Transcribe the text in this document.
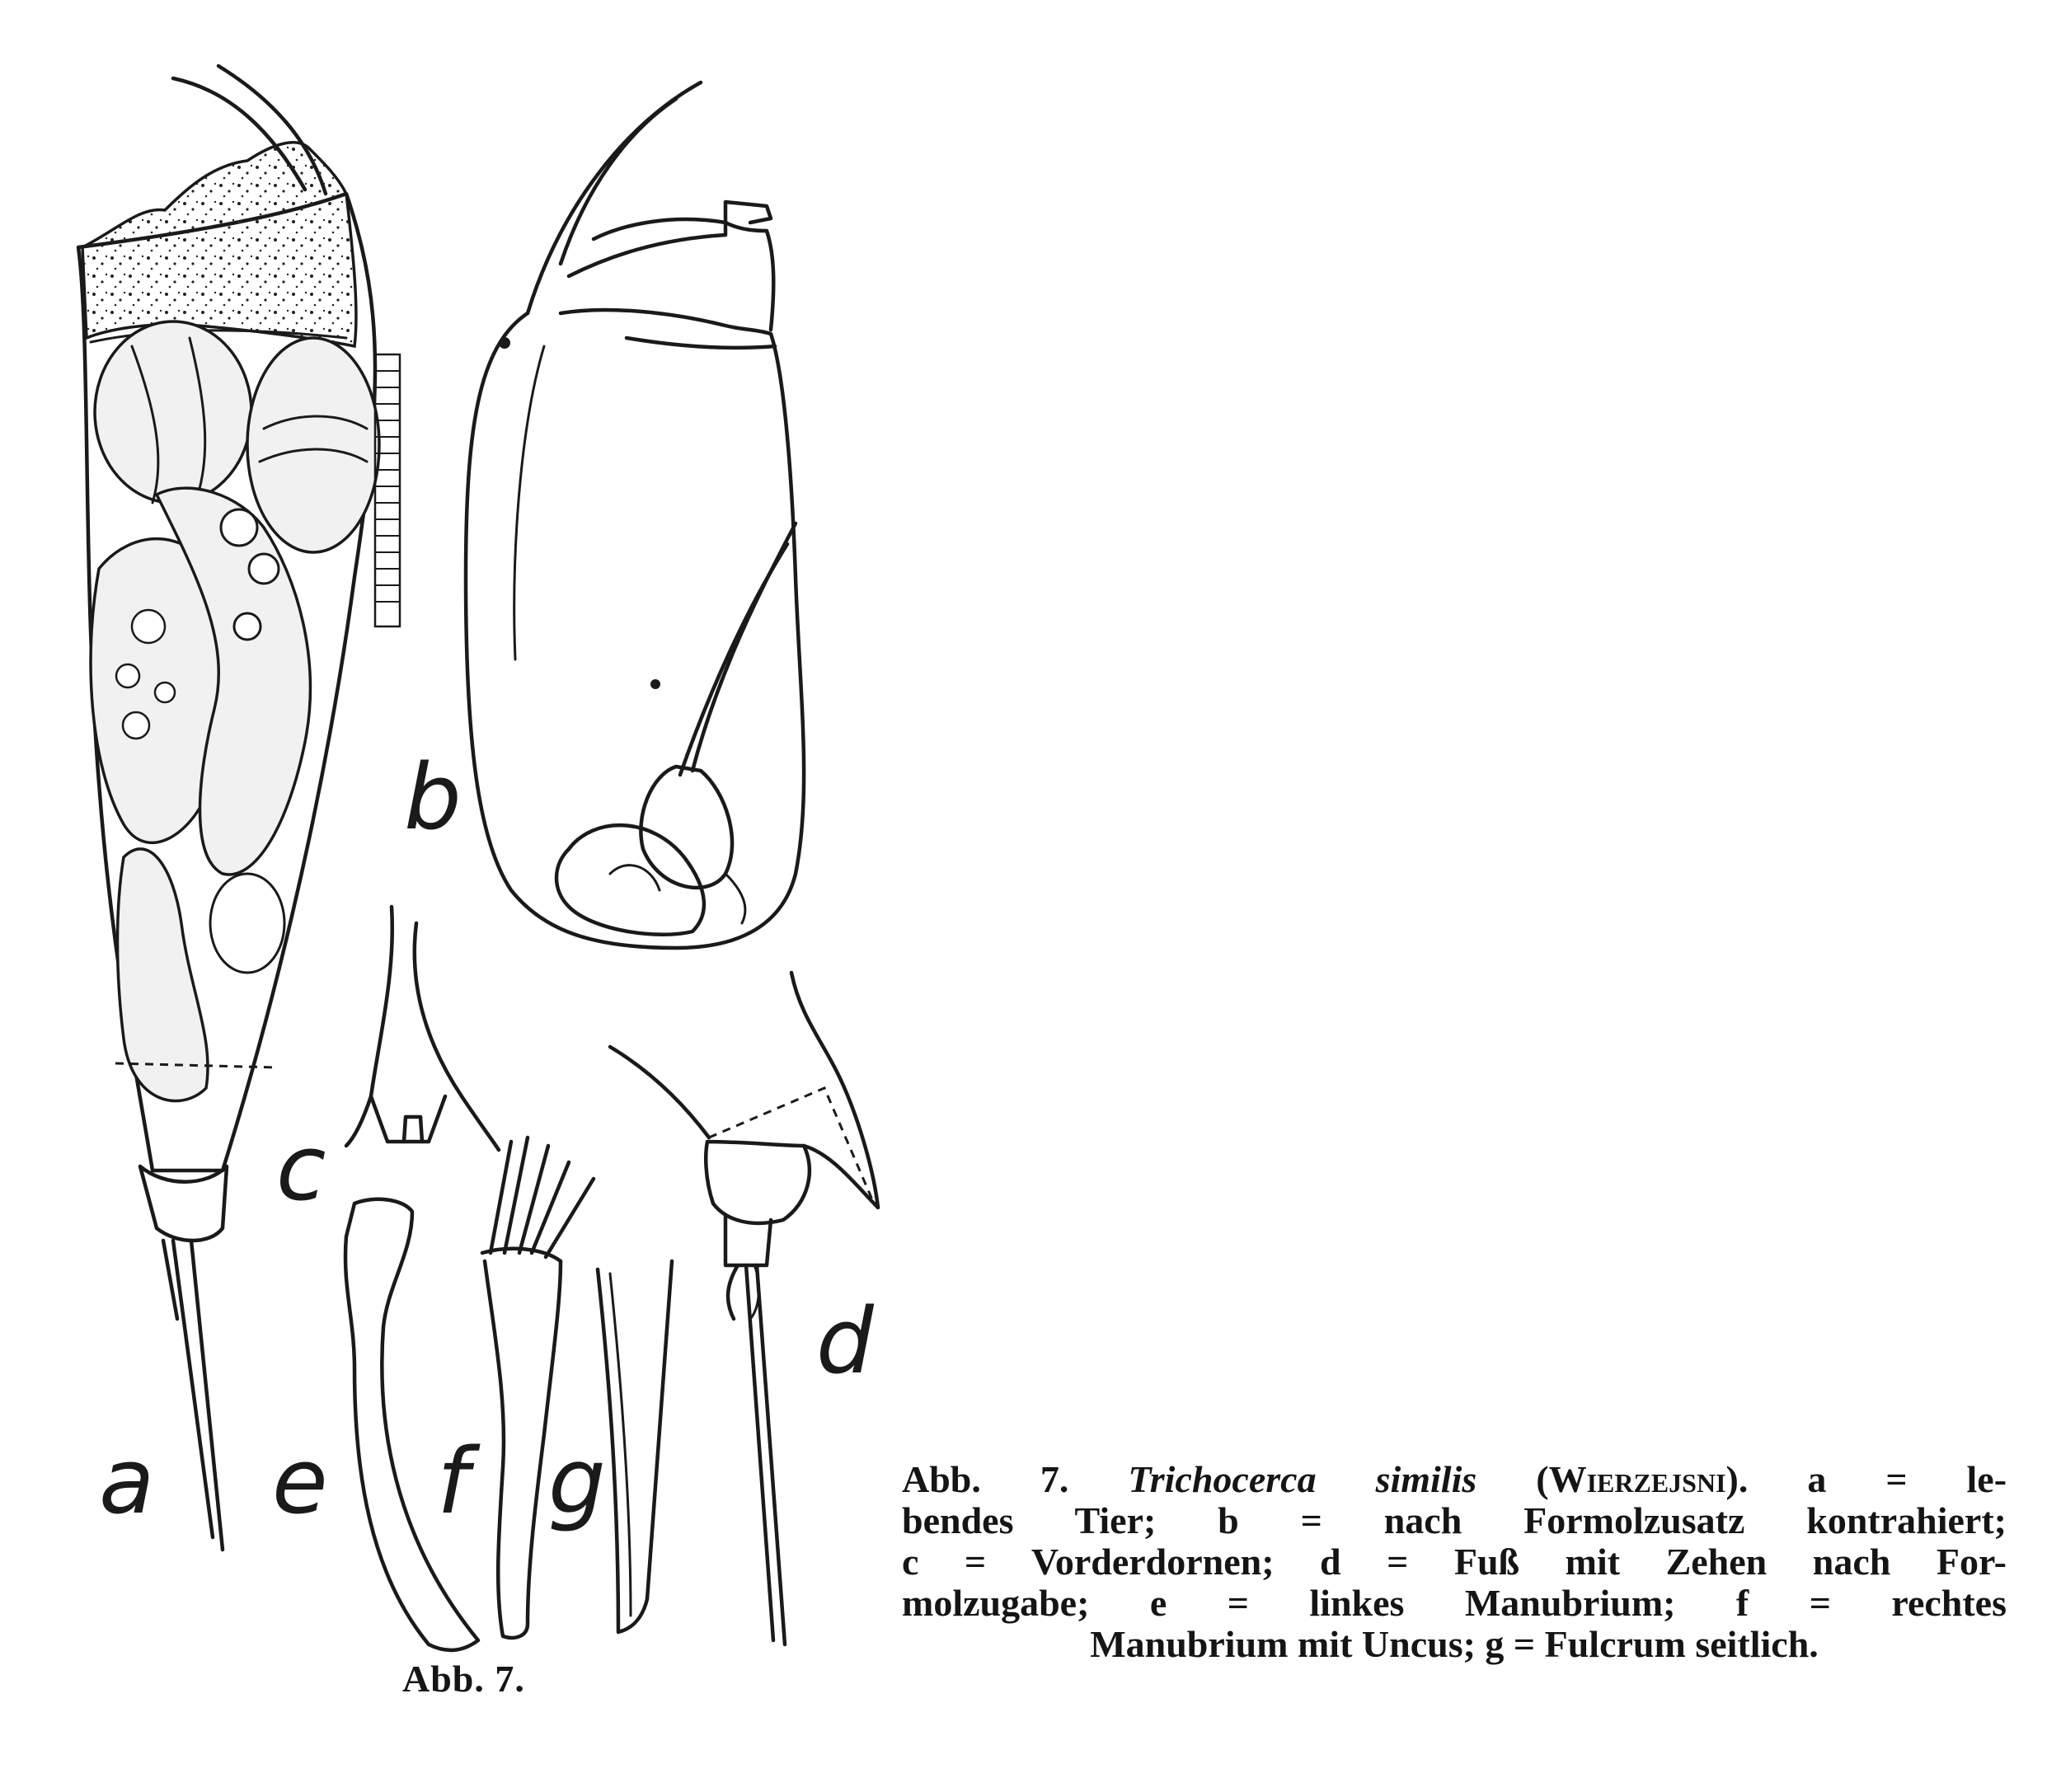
a
b
c
d
e f g
Abb. 7.
Abb. 7. Trichocerca similis (Wierzejsni). a = le-
bendes Tier; b = nach Formolzusatz kontrahiert;
c = Vorderdornen; d = Fuß mit Zehen nach For-
molzugabe; e = linkes Manubrium; f = rechtes
Manubrium mit Uncus; g = Fulcrum seitlich.
